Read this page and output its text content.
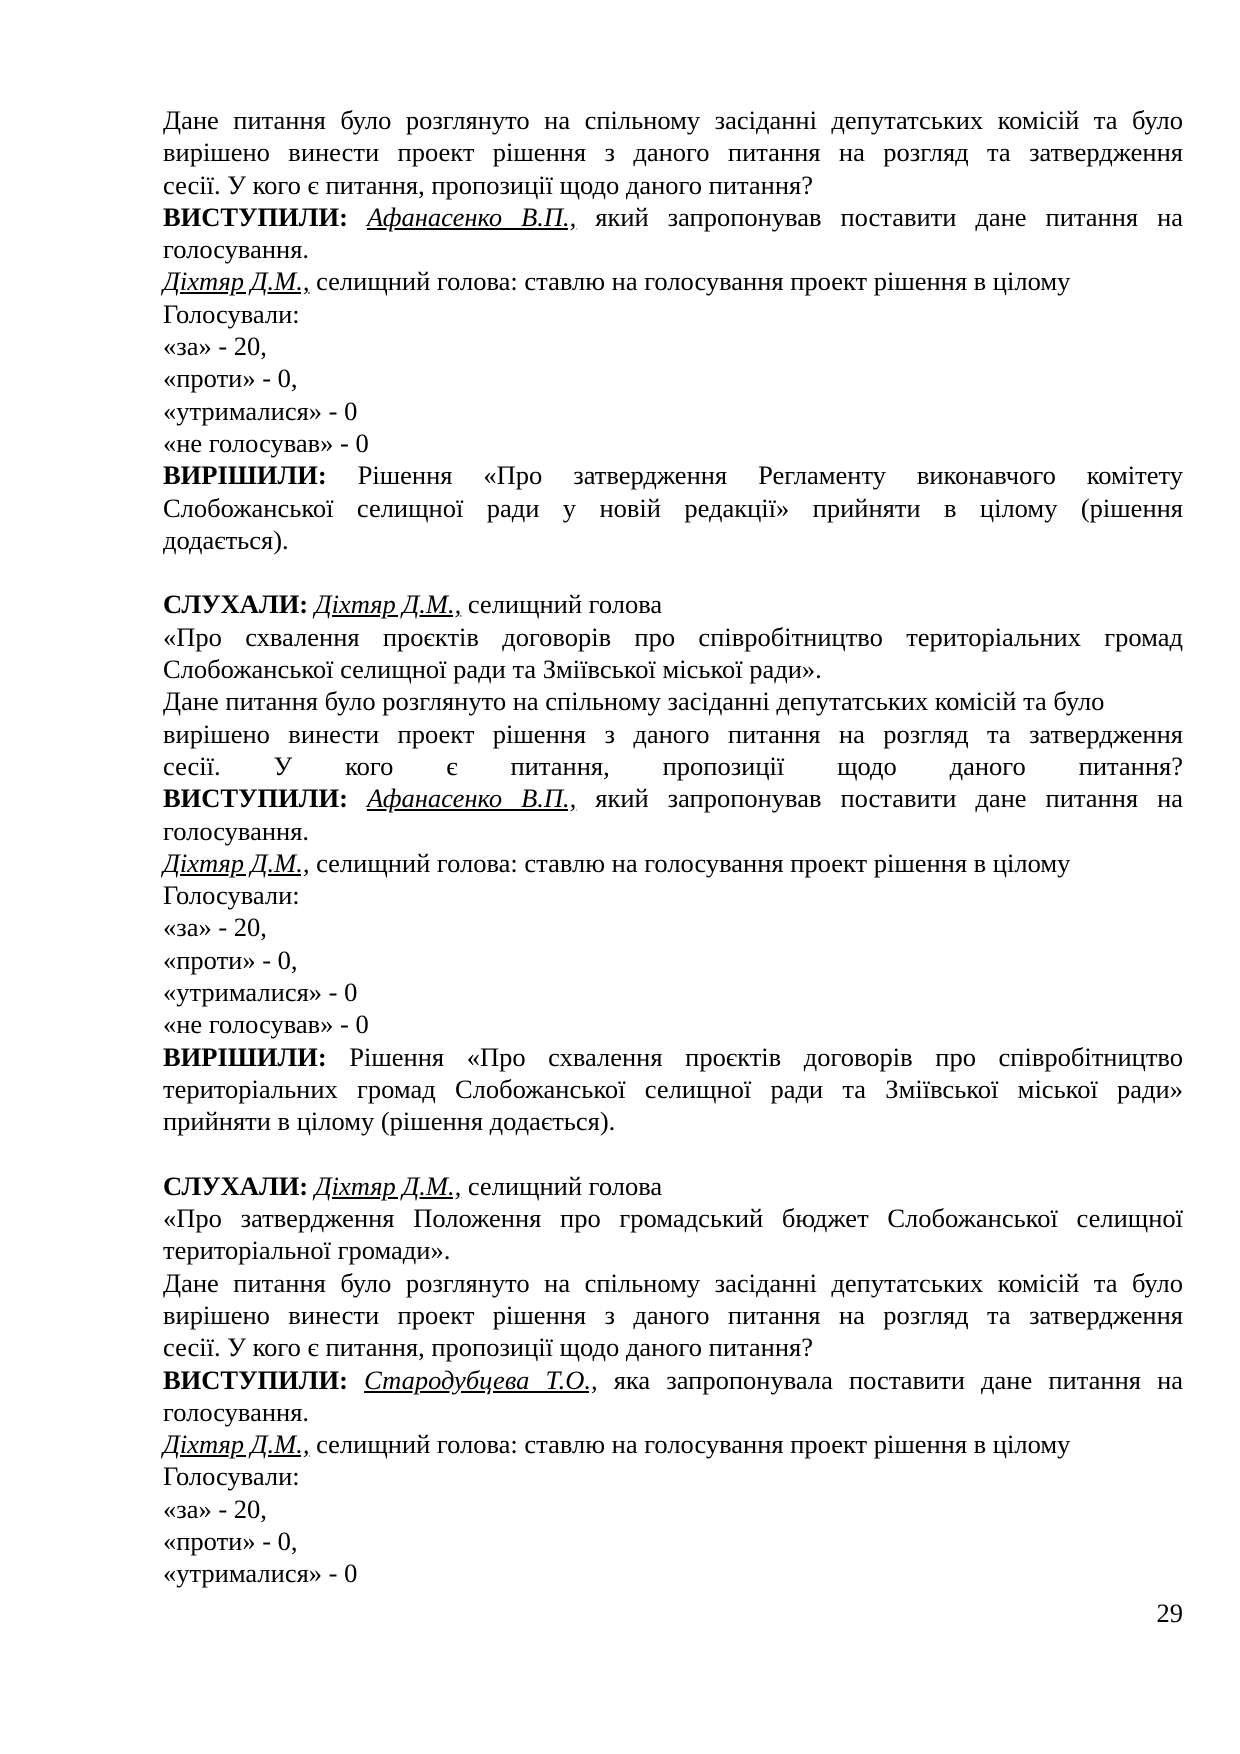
Дане питання було розглянуто на спільному засіданні депутатських комісій та було
вирішено винести проект рішення з даного питання на розгляд та затвердження
сесії. У кого є питання, пропозиції щодо даного питання?
ВИСТУПИЛИ: Афанасенко В.П., який запропонував поставити дане питання на
голосування.
Діхтяр Д.М., селищний голова: ставлю на голосування проект рішення в цілому
Голосували:
«за» - 20,
«проти» - 0,
«утрималися» - 0
«не голосував» - 0
ВИРІШИЛИ: Рішення «Про затвердження Регламенту виконавчого комітету
Слобожанської селищної ради у новій редакції» прийняти в цілому (рішення
додається).
СЛУХАЛИ: Діхтяр Д.М., селищний голова
«Про схвалення проєктів договорів про співробітництво територіальних громад
Слобожанської селищної ради та Зміївської міської ради».
Дане питання було розглянуто на спільному засіданні депутатських комісій та було
вирішено винести проект рішення з даного питання на розгляд та затвердження
сесії. У кого є питання, пропозиції щодо даного питання?
ВИСТУПИЛИ: Афанасенко В.П., який запропонував поставити дане питання на
голосування.
Діхтяр Д.М., селищний голова: ставлю на голосування проект рішення в цілому
Голосували:
«за» - 20,
«проти» - 0,
«утрималися» - 0
«не голосував» - 0
ВИРІШИЛИ: Рішення «Про схвалення проєктів договорів про співробітництво
територіальних громад Слобожанської селищної ради та Зміївської міської ради»
прийняти в цілому (рішення додається).
СЛУХАЛИ: Діхтяр Д.М., селищний голова
«Про затвердження Положення про громадський бюджет Слобожанської селищної
територіальної громади».
Дане питання було розглянуто на спільному засіданні депутатських комісій та було
вирішено винести проект рішення з даного питання на розгляд та затвердження
сесії. У кого є питання, пропозиції щодо даного питання?
ВИСТУПИЛИ: Стародубцева Т.О., яка запропонувала поставити дане питання на
голосування.
Діхтяр Д.М., селищний голова: ставлю на голосування проект рішення в цілому
Голосували:
«за» - 20,
«проти» - 0,
«утрималися» - 0
29
